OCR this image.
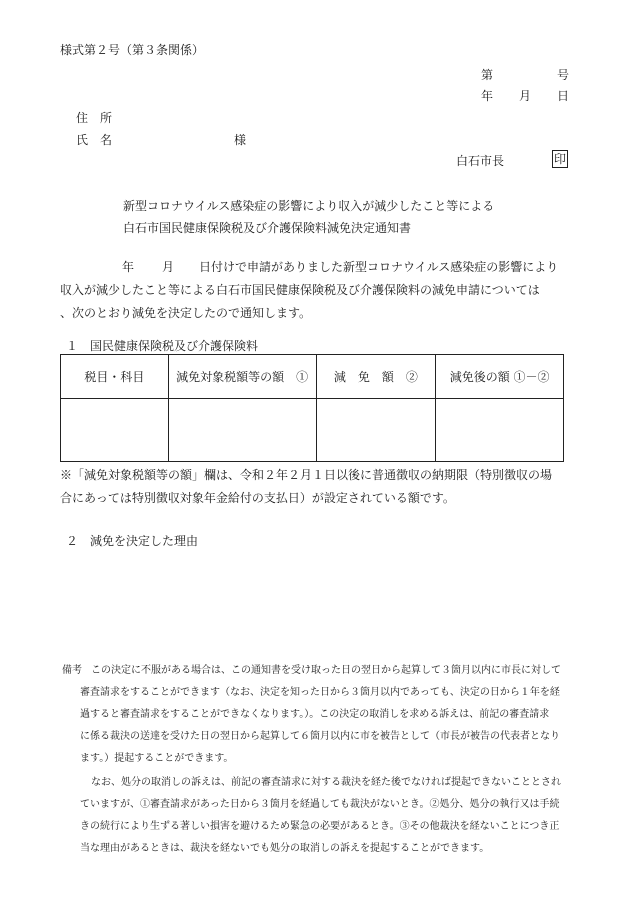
様式第２号（第３条関係）
第	号
年 月 日
住　所
氏　名	様
白石市長	印
新型コロナウイルス感染症の影響により収入が減少したこと等による
白石市国民健康保険税及び介護保険料減免決定通知書
年 月 日付けで申請がありました新型コロナウイルス感染症の影響により
収入が減少したこと等による白石市国民健康保険税及び介護保険料の減免申請については
、次のとおり減免を決定したので通知します。
１　国民健康保険税及び介護保険料
税目・科目	減免対象税額等の額　①	減　免　額　②	減免後の額 ①－②

※「減免対象税額等の額」欄は、令和２年２月１日以後に普通徴収の納期限（特別徴収の場
合にあっては特別徴収対象年金給付の支払日）が設定されている額です。
２　減免を決定した理由
備考 この決定に不服がある場合は、この通知書を受け取った日の翌日から起算して３箇月以内に市長に対して
審査請求をすることができます（なお、決定を知った日から３箇月以内であっても、決定の日から１年を経
過すると審査請求をすることができなくなります。）。この決定の取消しを求める訴えは、前記の審査請求
に係る裁決の送達を受けた日の翌日から起算して６箇月以内に市を被告として（市長が被告の代表者となり
ます。）提起することができます。
なお、処分の取消しの訴えは、前記の審査請求に対する裁決を経た後でなければ提起できないこととされ
ていますが、①審査請求があった日から３箇月を経過しても裁決がないとき。②処分、処分の執行又は手続
きの続行により生ずる著しい損害を避けるため緊急の必要があるとき。③その他裁決を経ないことにつき正
当な理由があるときは、裁決を経ないでも処分の取消しの訴えを提起することができます。
